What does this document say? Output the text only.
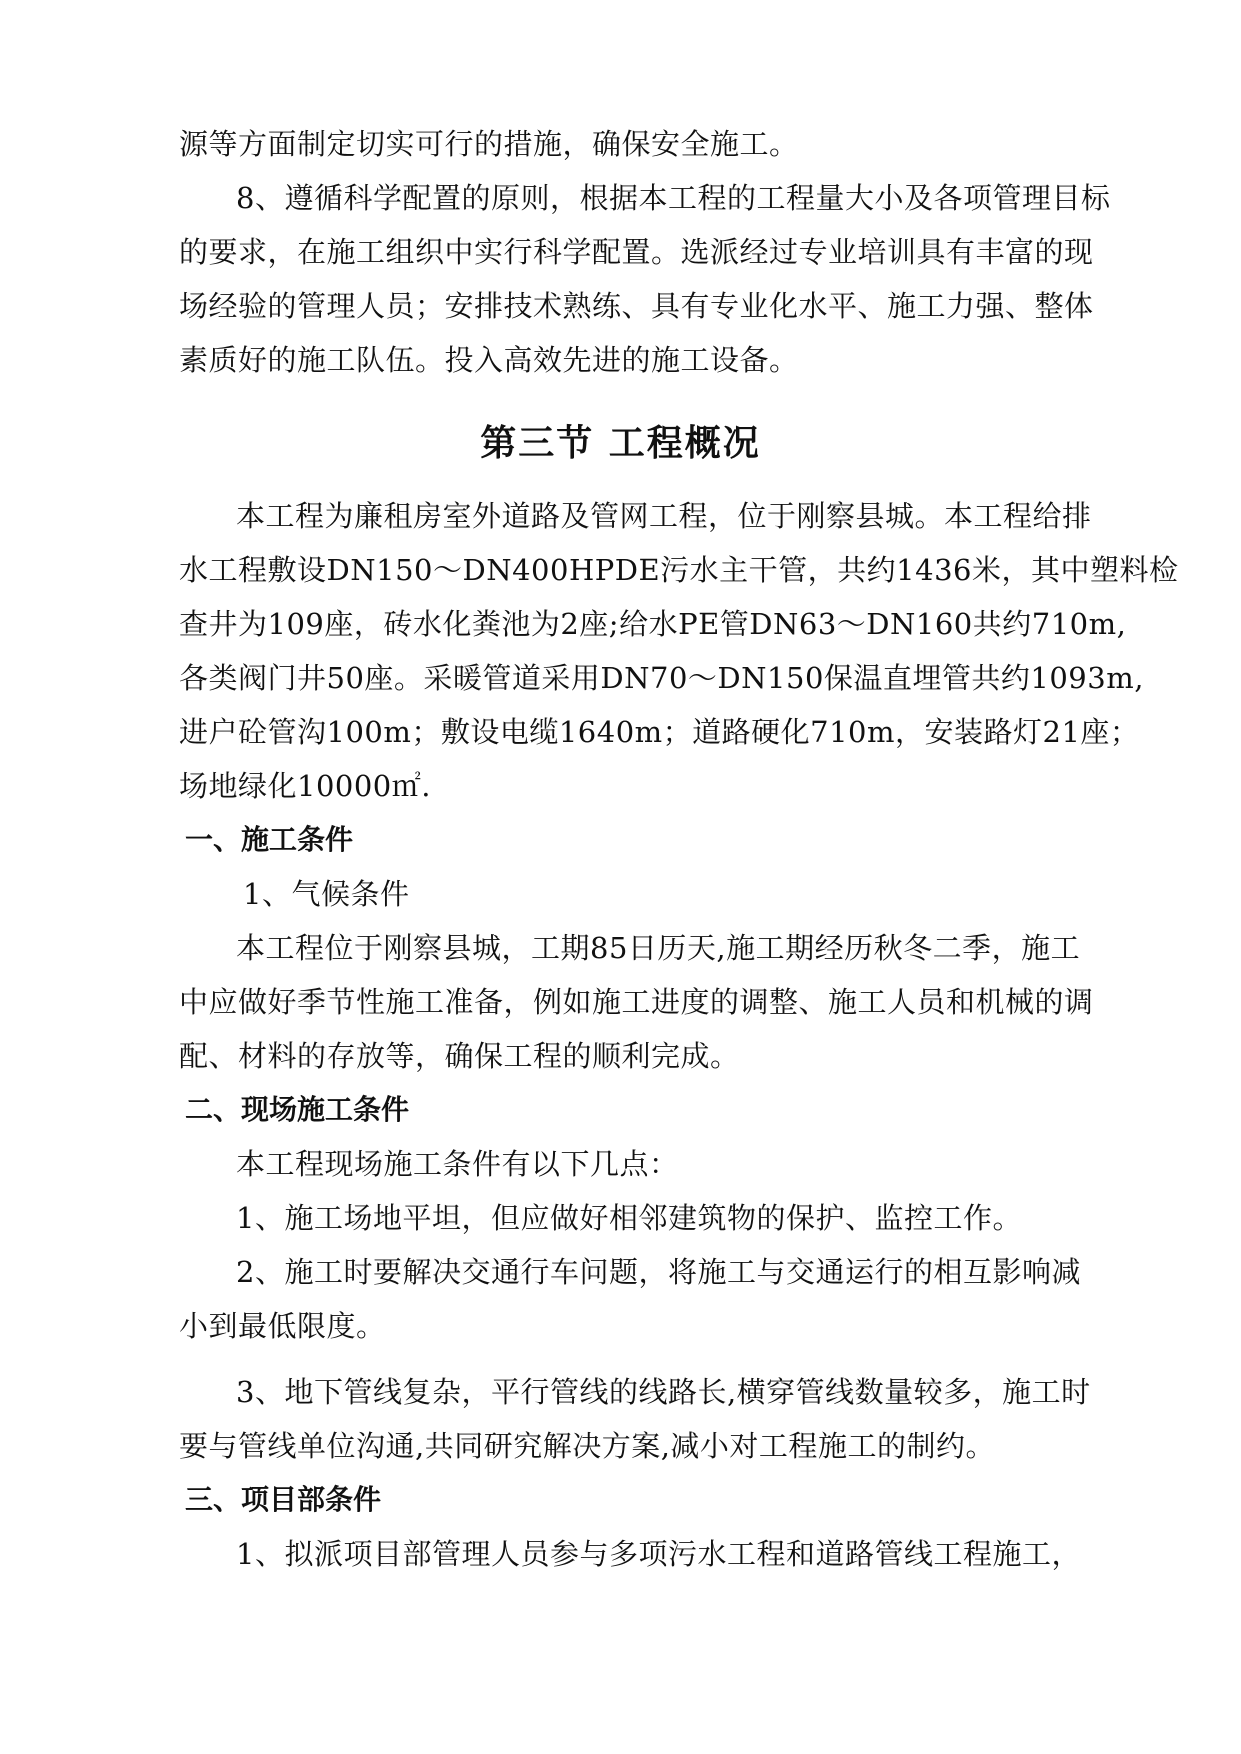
源等方面制定切实可行的措施，确保安全施工。
8、遵循科学配置的原则，根据本工程的工程量大小及各项管理目标
的要求，在施工组织中实行科学配置。选派经过专业培训具有丰富的现
场经验的管理人员；安排技术熟练、具有专业化水平、施工力强、整体
素质好的施工队伍。投入高效先进的施工设备。
第三节 工程概况
本工程为廉租房室外道路及管网工程，位于刚察县城。本工程给排
水工程敷设DN150～DN400HPDE污水主干管，共约1436米，其中塑料检
查井为109座，砖水化粪池为2座;给水PE管DN63～DN160共约710m,
各类阀门井50座。采暖管道采用DN70～DN150保温直埋管共约1093m,
进户砼管沟100m；敷设电缆1640m；道路硬化710m，安装路灯21座；
场地绿化10000㎡.
一、施工条件
1、气候条件
本工程位于刚察县城，工期85日历天,施工期经历秋冬二季，施工
中应做好季节性施工准备，例如施工进度的调整、施工人员和机械的调
配、材料的存放等，确保工程的顺利完成。
二、现场施工条件
本工程现场施工条件有以下几点：
1、施工场地平坦，但应做好相邻建筑物的保护、监控工作。
2、施工时要解决交通行车问题，将施工与交通运行的相互影响减
小到最低限度。
3、地下管线复杂，平行管线的线路长,横穿管线数量较多，施工时
要与管线单位沟通,共同研究解决方案,减小对工程施工的制约。
三、项目部条件
1、拟派项目部管理人员参与多项污水工程和道路管线工程施工，
